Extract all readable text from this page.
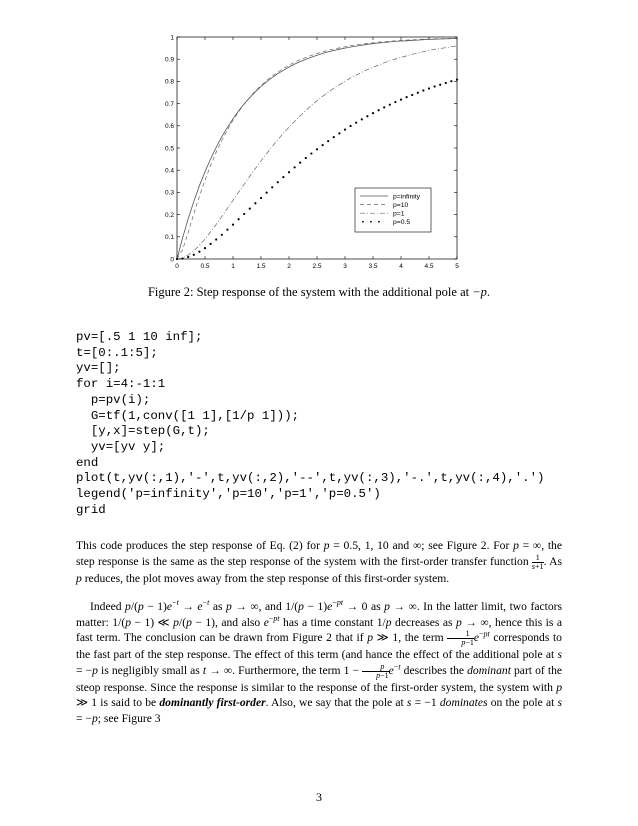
0	0.5	1	1.5	2	2.5	3	3.5	4	4.5	5
0
0.1
0.2
0.3
0.4
0.5
0.6
0.7
0.8
0.9
1
p=infinity
p=10
p=1
p=0.5
Figure 2: Step response of the system with the additional pole at −p.
pv=[.5 1 10 inf];
t=[0:.1:5];
yv=[];
for i=4:-1:1
p=pv(i);
G=tf(1,conv([1 1],[1/p 1]));
[y,x]=step(G,t);
yv=[yv y];
end
plot(t,yv(:,1),'-',t,yv(:,2),'--',t,yv(:,3),'-.',t,yv(:,4),'.')
legend('p=infinity','p=10','p=1','p=0.5')
grid

This code produces the step response of Eq. (2) for p = 0.5, 1, 10 and ∞; see Figure 2. For p = ∞, the step response is the same as the step response of the system with the first-order transfer function $\frac{1}{s+1}$ . As p reduces, the plot moves away from the step response of this first-order system.

Indeed $p/(p - 1)e^{-t} \to e^{-t}$ as p → ∞, and $1/(p - 1)e^{-pt} \to 0$ as p → ∞. In the latter limit, two factors matter: 1/(p − 1) ≪ p/(p − 1), and also $e^{-pt}$ has a time constant 1/p decreases as p → ∞, hence this is a fast term. The conclusion can be drawn from Figure 2 that if p ≫ 1, the term $\frac{1}{p-1} e^{-pt}$ corresponds to the fast part of the step response. The effect of this term (and hance the effect of the additional pole at s = −p is negligibly small as t → ∞. Furthermore, the term $1 - \frac{p}{p-1} e^{-t}$ describes the dominant part of the steop response. Since the response is similar to the response of the first-order system, the system with p ≫ 1 is said to be dominantly first-order. Also, we say that the pole at s = −1 dominates on the pole at s = −p; see Figure 3

3
